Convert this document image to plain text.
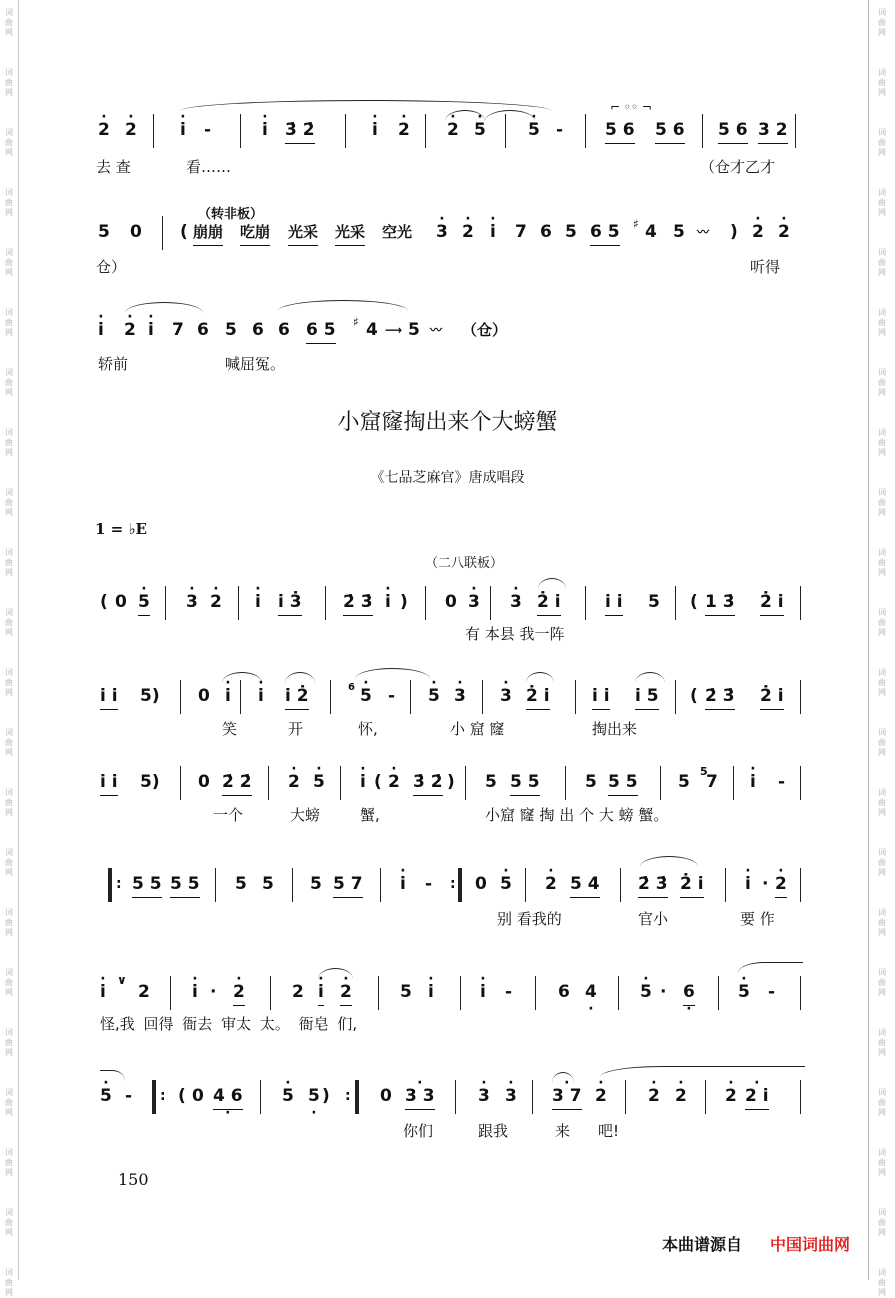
词
曲
网
词
曲
网
词
曲
网
词
曲
网
词
曲
网
词
曲
网
词
曲
网
词
曲
网
词
曲
网
词
曲
网
词
曲
网
词
曲
网
词
曲
网
词
曲
网
词
曲
网
词
曲
网
词
曲
网
词
曲
网
词
曲
网
词
曲
网
词
曲
网
词
曲
网
词
曲
网
词
曲
网
词
曲
网
词
曲
网
词
曲
网
词
曲
网
词
曲
网
词
曲
网
词
曲
网
词
曲
网
词
曲
网
词
曲
网
词
曲
网
词
曲
网
词
曲
网
词
曲
网
词
曲
网
词
曲
网
词
曲
网
词
曲
网
词
曲
网
词
曲
网
· 2 · 2	· i -	· i 3̇ 2̇	· i · 2 · 2 · 5 · 5 - 5 6 5 6 5 6 3 2
⌐ ◦◦ ¬
去 查	看……	（仓才乙才
（转非板）
5 0 ( 崩崩 吃崩 光采 光采 空光 · 3 · 2 · i 7 6 5 6 5 ♯ 4 5 〰 ) · 2 · 2
仓）	听得
· i · 2 · i 7 6 5 6 6 6 5 ♯ 4 ⟶ 5 〰 （仓）
轿前	喊屈冤。
小窟窿掏出来个大螃蟹
《七品芝麻官》唐成唱段
1 = ♭E
（二八联板）
( 0 · 5 · 3 · 2 · i i 3̇ 2̇ 3̇ · i ) 0 · 3 · 3 2̇ i	i i 5 ( 1 3̇ 2̇ i
有 本县 我一阵
i i 5) 0 · i · i i 2̇	6 · 5 - · 5 · 3 · 3 2̇ i i i i 5 ( 2̇ 3̇ 2̇ i
笑	开	怀,	小 窟 窿	掏出来
i i 5) 0 2̇ 2̇ · 2 · 5 · i ( · 2 3̇ 2̇ ) 5 5 5	5 5 5 5
5
7 · i -
一个	大螃	蟹,	小窟 窿 掏 出 个 大 螃 蟹。
: 5 5 5 5 5 5 5 5 7 · i - : 0 · 5 · 2 5 4 2̇ 3̇ 2̇ i · i · · 2
别 看我的	官小	要 作
· i
∨
2 · i · · 2	2 · i · 2	5 · i	· i -	6 · 4	· 5 · · 6	· 5 -
怪,我 回得 衙去 审太 太。 衙皂 们,
· 5 - : ( 0 · 4 6 · 5 · 5 ) : 0 · 3 3	· 3 · 3 · 3 7 · 2 · 2 · 2 · 2 · 2 i
你们	跟我	来 吧!
150
本曲谱源自 中国词曲网
